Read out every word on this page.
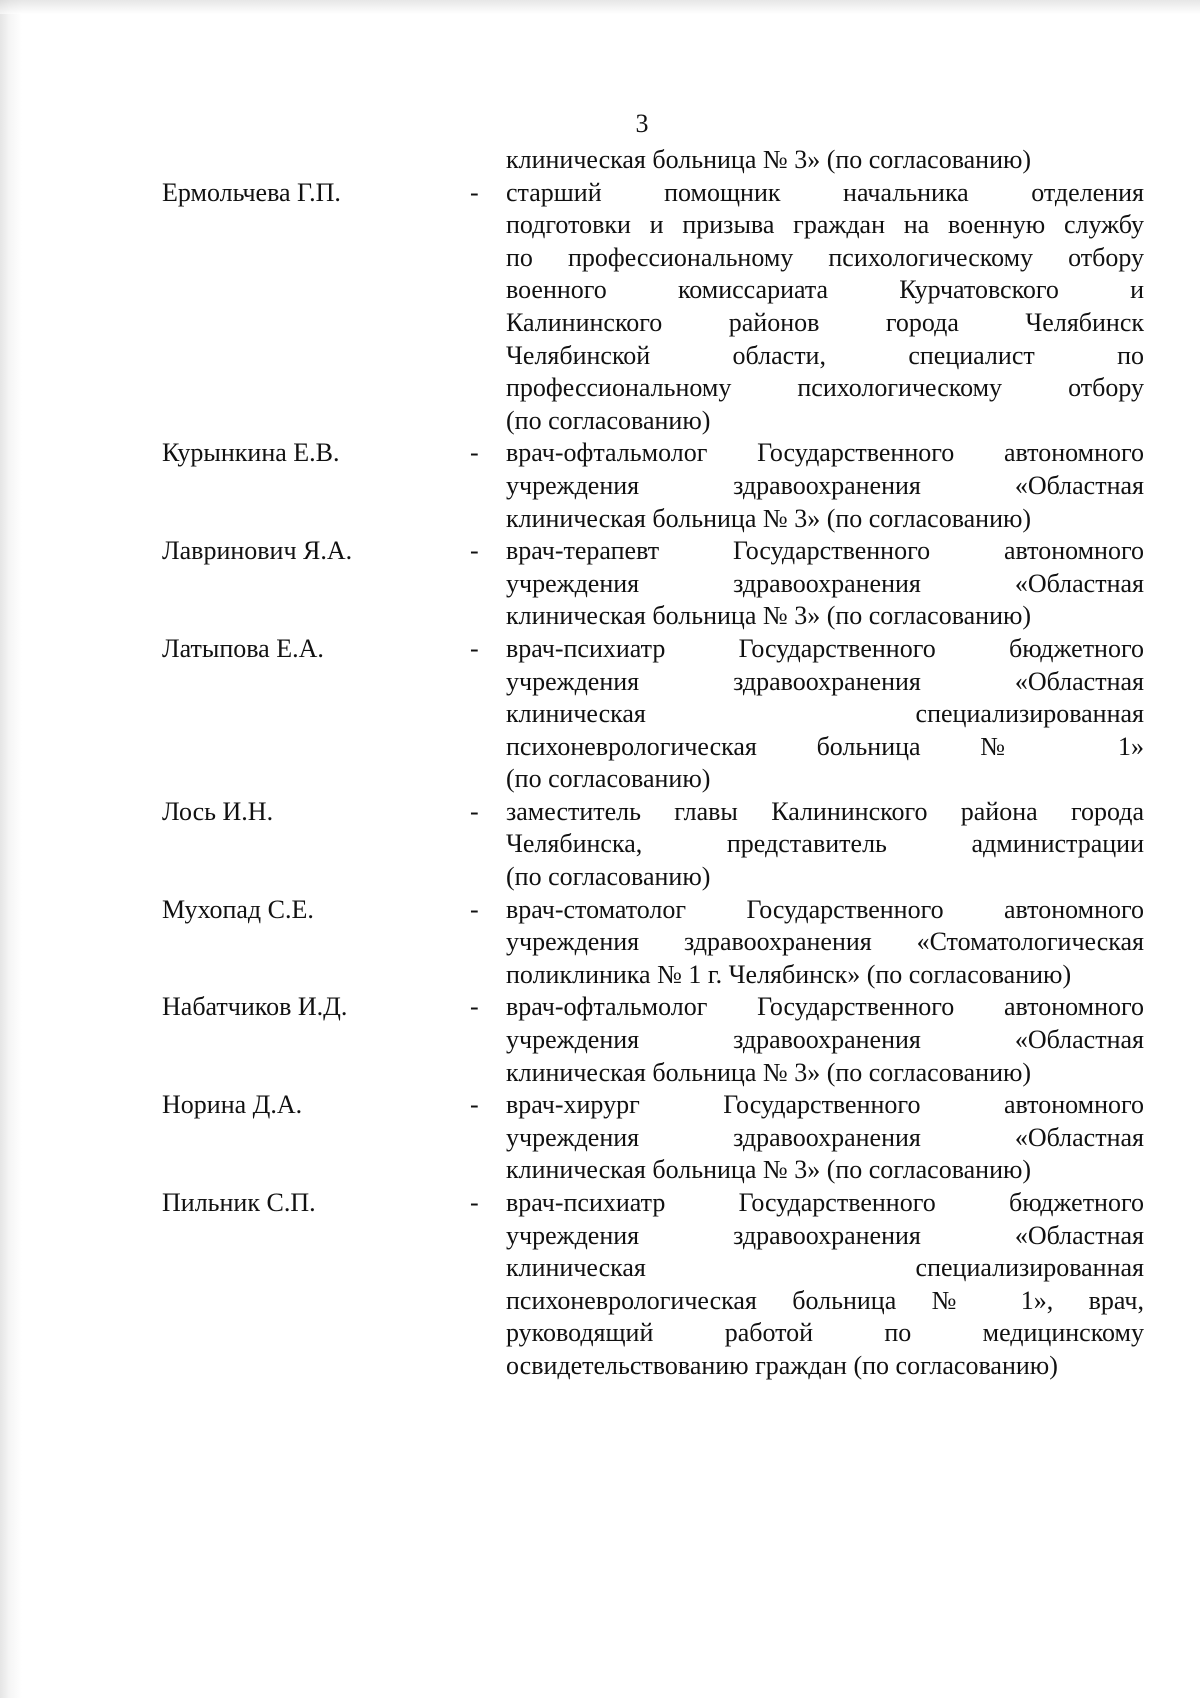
3
клиническая больница № 3» (по согласованию)
Ермольчева Г.П.	-	старший помощник начальника отделения
подготовки и призыва граждан на военную службу
по профессиональному психологическому отбору
военного комиссариата Курчатовского и
Калининского районов города Челябинск
Челябинской области, специалист по
профессиональному психологическому отбору
(по согласованию)
Курынкина Е.В.	-	врач-офтальмолог Государственного автономного
учреждения здравоохранения «Областная
клиническая больница № 3» (по согласованию)
Лавринович Я.А.	-	врач-терапевт Государственного автономного
учреждения здравоохранения «Областная
клиническая больница № 3» (по согласованию)
Латыпова Е.А.	-	врач-психиатр Государственного бюджетного
учреждения здравоохранения «Областная
клиническая специализированная
психоневрологическая больница № 1»
(по согласованию)
Лось И.Н.	-	заместитель главы Калининского района города
Челябинска, представитель администрации
(по согласованию)
Мухопад С.Е.	-	врач-стоматолог Государственного автономного
учреждения здравоохранения «Стоматологическая
поликлиника № 1 г. Челябинск» (по согласованию)
Набатчиков И.Д.	-	врач-офтальмолог Государственного автономного
учреждения здравоохранения «Областная
клиническая больница № 3» (по согласованию)
Норина Д.А.	-	врач-хирург Государственного автономного
учреждения здравоохранения «Областная
клиническая больница № 3» (по согласованию)
Пильник С.П.	-	врач-психиатр Государственного бюджетного
учреждения здравоохранения «Областная
клиническая специализированная
психоневрологическая больница № 1», врач,
руководящий работой по медицинскому
освидетельствованию граждан (по согласованию)
